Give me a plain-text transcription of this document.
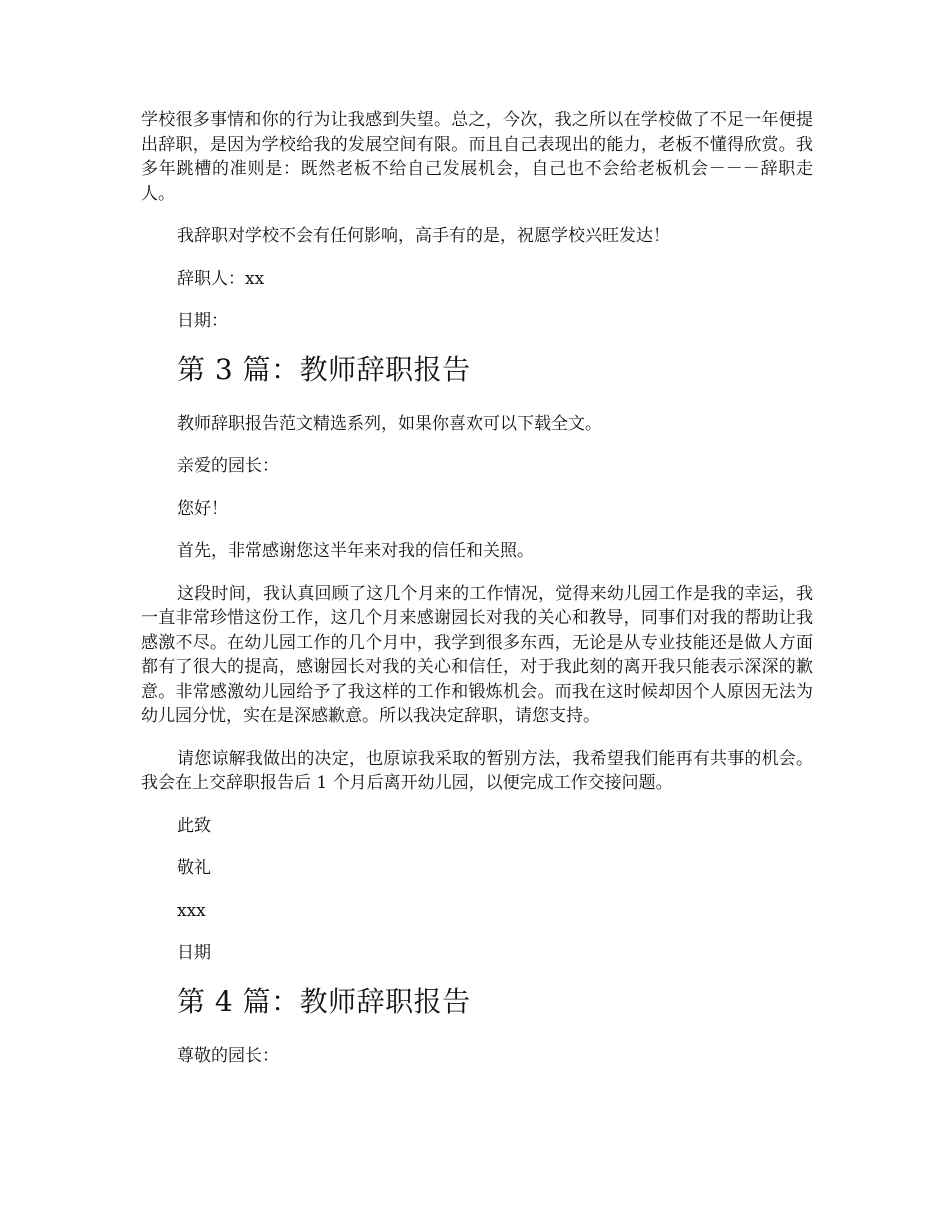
学校很多事情和你的行为让我感到失望。总之，今次，我之所以在学校做了不足一年便提出辞职，是因为学校给我的发展空间有限。而且自己表现出的能力，老板不懂得欣赏。我多年跳槽的准则是：既然老板不给自己发展机会，自己也不会给老板机会－－－辞职走人。

我辞职对学校不会有任何影响，高手有的是，祝愿学校兴旺发达！

辞职人：xx

日期：

第 3 篇：教师辞职报告

教师辞职报告范文精选系列，如果你喜欢可以下载全文。

亲爱的园长：

您好！

首先，非常感谢您这半年来对我的信任和关照。

这段时间，我认真回顾了这几个月来的工作情况，觉得来幼儿园工作是我的幸运，我一直非常珍惜这份工作，这几个月来感谢园长对我的关心和教导，同事们对我的帮助让我感激不尽。在幼儿园工作的几个月中，我学到很多东西，无论是从专业技能还是做人方面都有了很大的提高，感谢园长对我的关心和信任，对于我此刻的离开我只能表示深深的歉意。非常感激幼儿园给予了我这样的工作和锻炼机会。而我在这时候却因个人原因无法为幼儿园分忧，实在是深感歉意。所以我决定辞职，请您支持。

请您谅解我做出的决定，也原谅我采取的暂别方法，我希望我们能再有共事的机会。我会在上交辞职报告后 1 个月后离开幼儿园，以便完成工作交接问题。

此致

敬礼

xxx

日期

第 4 篇：教师辞职报告

尊敬的园长：
